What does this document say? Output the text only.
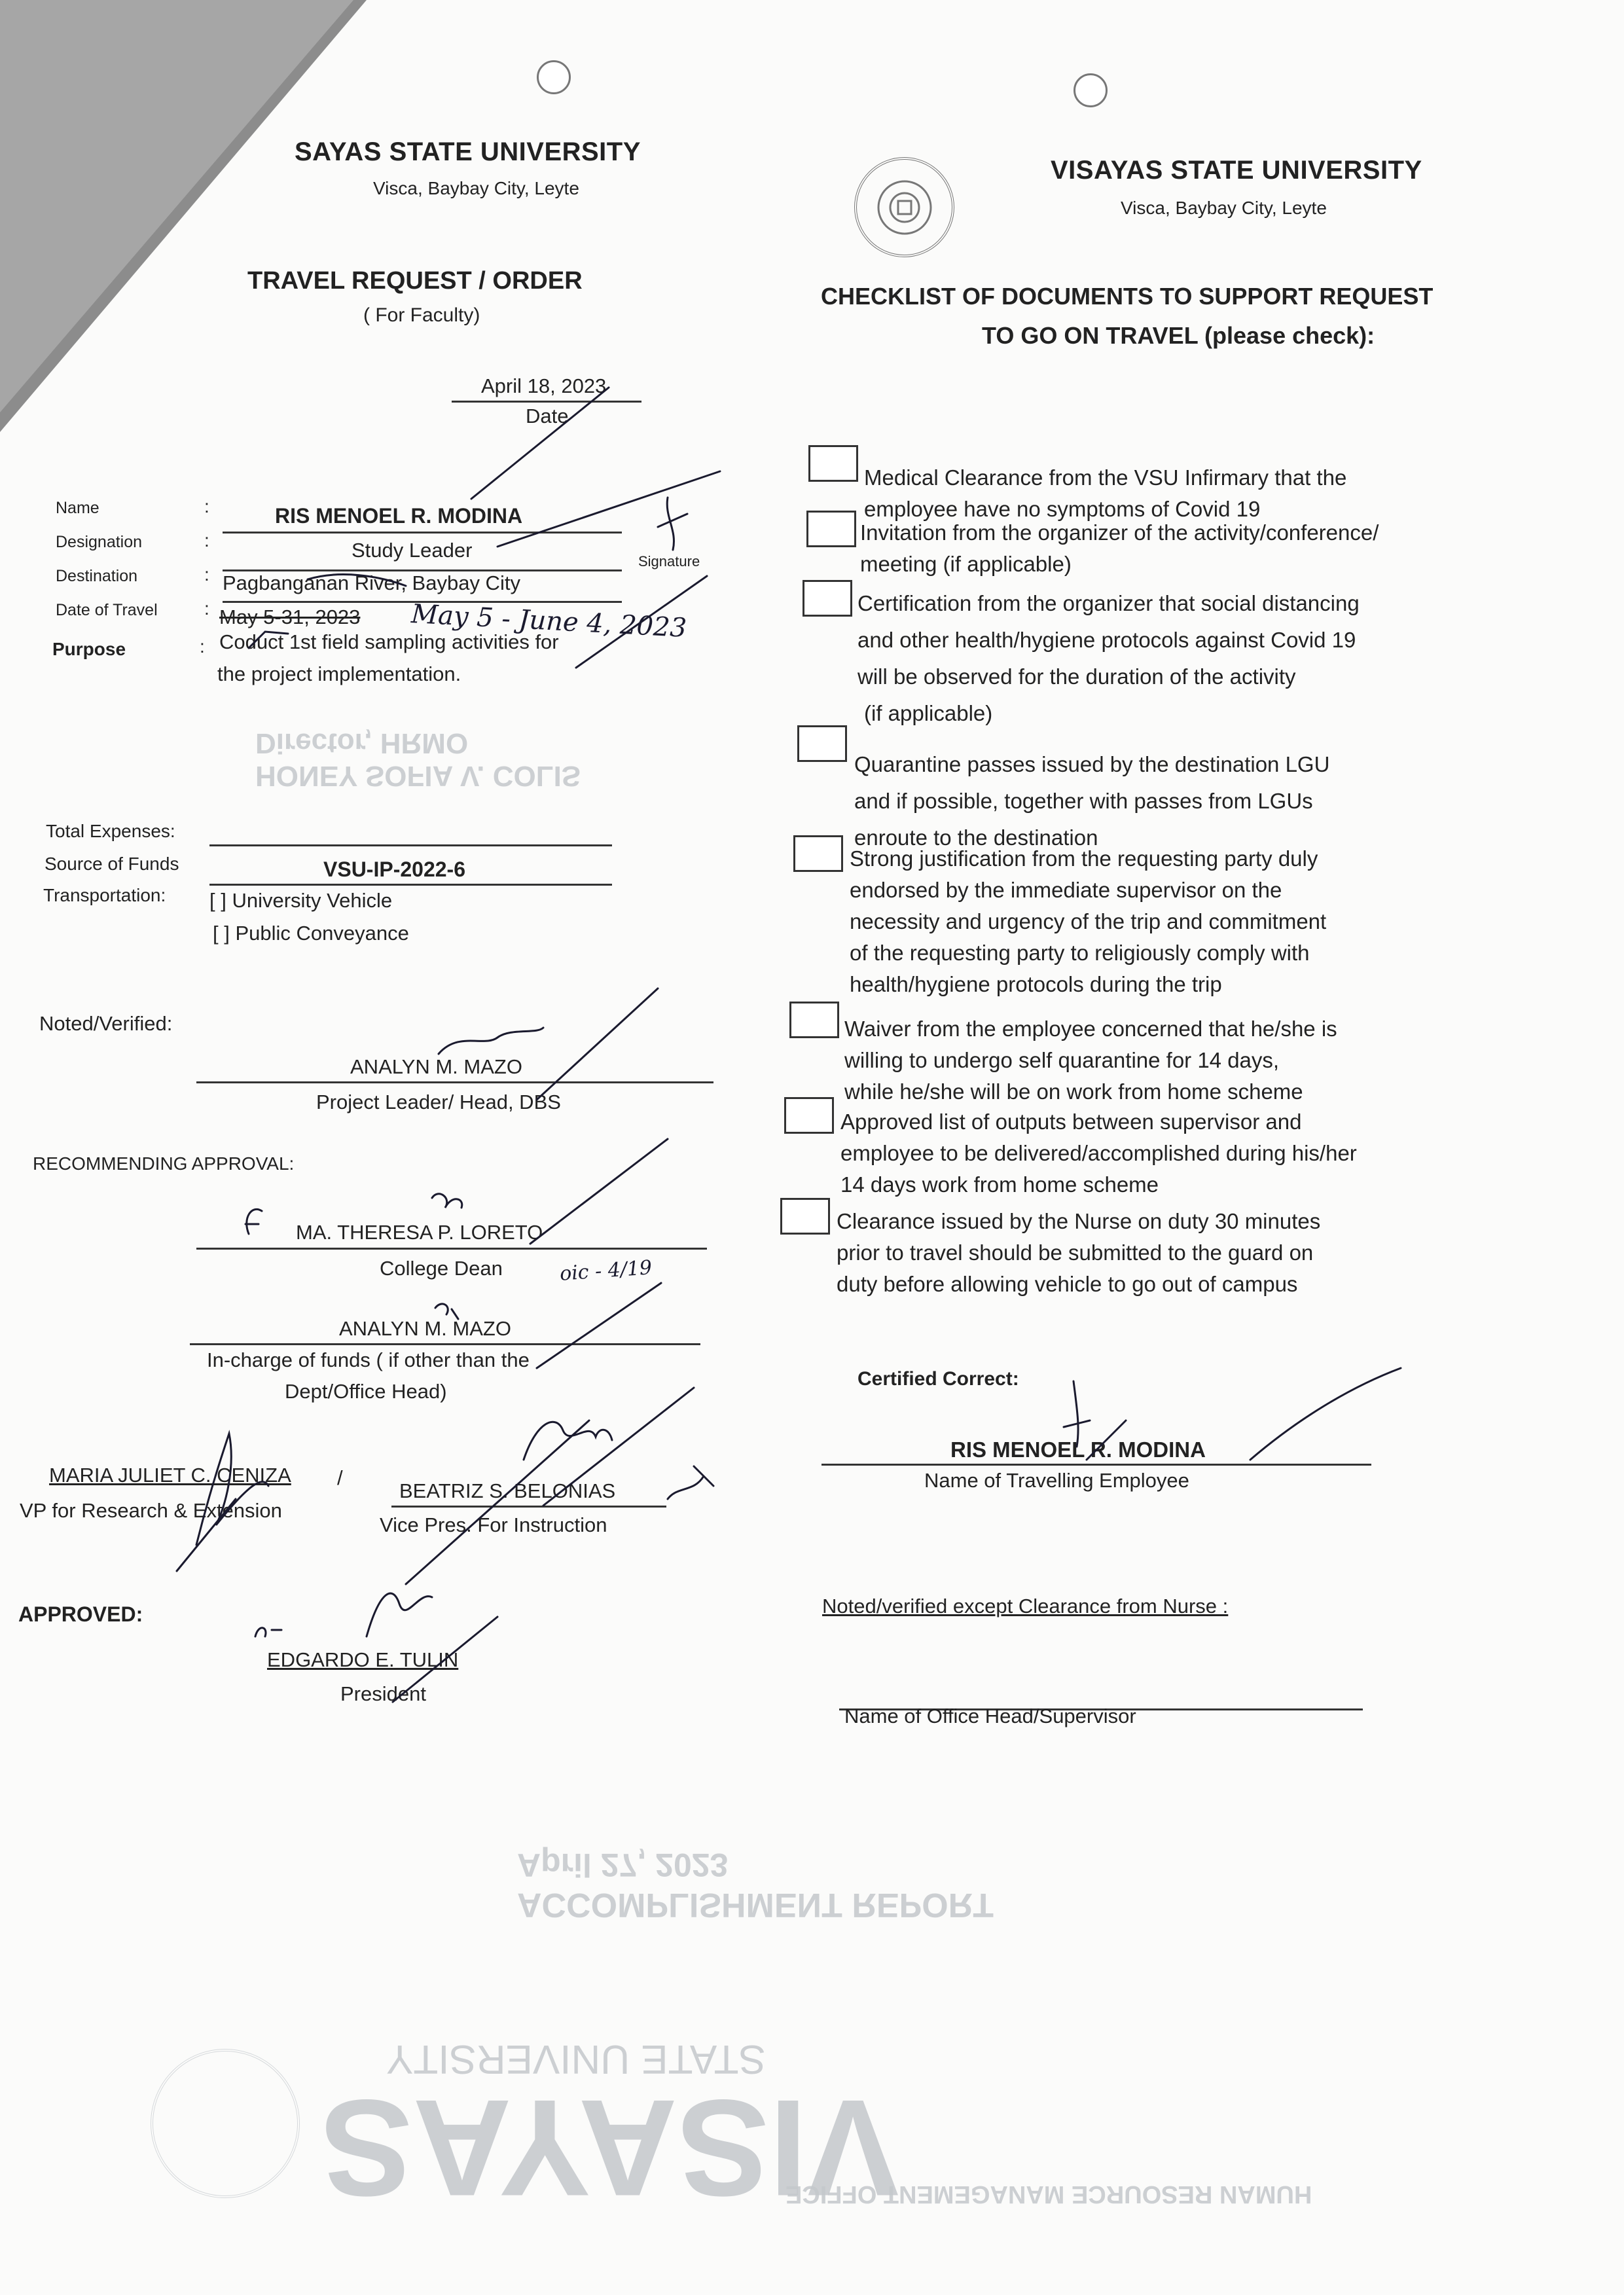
Director, HRMO
HONEY SOFIA V. COLIS
April 27, 2023
ACCOMPLISHMENT REPORT
VISAYAS
STATE UNIVERSITY
HUMAN RESOURCE MANAGEMENT OFFICE
SAYAS STATE UNIVERSITY
Visca, Baybay City, Leyte
VISAYAS STATE UNIVERSITY
Visca, Baybay City, Leyte
TRAVEL REQUEST / ORDER
( For Faculty)
April 18, 2023
Date
Name	:	RIS MENOEL R. MODINA
Designation	:	Study Leader	Signature
Destination	: Pagbanganan River, Baybay City
Date of Travel	: May 5-31, 2023 May 5 - June 4, 2023
Purpose	: Coduct 1st field sampling activities for
the project implementation.
Total Expenses:
Source of Funds	VSU-IP-2022-6
Transportation: [ ] University Vehicle
[ ] Public Conveyance
Noted/Verified:
ANALYN M. MAZO
Project Leader/ Head, DBS
RECOMMENDING APPROVAL:
MA. THERESA P. LORETO
College Dean	oic - 4/19
ANALYN M. MAZO
In-charge of funds ( if other than the
Dept/Office Head)
MARIA JULIET C. CENIZA
VP for Research & Extension
/
BEATRIZ S. BELONIAS
Vice Pres. For Instruction
APPROVED:
EDGARDO E. TULIN
President
CHECKLIST OF DOCUMENTS TO SUPPORT REQUEST
TO GO ON TRAVEL (please check):
Medical Clearance from the VSU Infirmary that the
employee have no symptoms of Covid 19
Invitation from the organizer of the activity/conference/
meeting (if applicable)
Certification from the organizer that social distancing
and other health/hygiene protocols against Covid 19
will be observed for the duration of the activity
(if applicable)
Quarantine passes issued by the destination LGU
and if possible, together with passes from LGUs
enroute to the destination
Strong justification from the requesting party duly
endorsed by the immediate supervisor on the
necessity and urgency of the trip and commitment
of the requesting party to religiously comply with
health/hygiene protocols during the trip
Waiver from the employee concerned that he/she is
willing to undergo self quarantine for 14 days,
while he/she will be on work from home scheme
Approved list of outputs between supervisor and
employee to be delivered/accomplished during his/her
14 days work from home scheme
Clearance issued by the Nurse on duty 30 minutes
prior to travel should be submitted to the guard on
duty before allowing vehicle to go out of campus
Certified Correct:
RIS MENOEL R. MODINA
Name of Travelling Employee
Noted/verified except Clearance from Nurse :
Name of Office Head/Supervisor
